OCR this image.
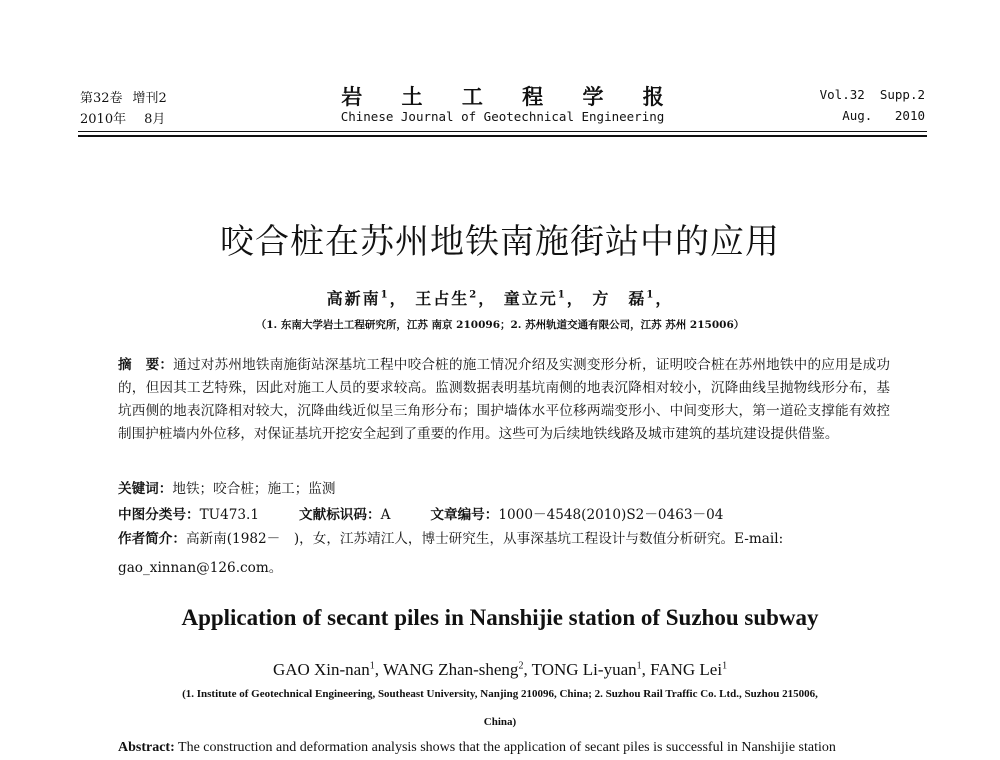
第32卷 增刊2	岩 土 工 程 学 报	Vol.32 Supp.2
2010年 8月	Chinese Journal of Geotechnical Engineering	Aug. 2010
咬合桩在苏州地铁南施街站中的应用
高新南$^1$， 王占生$^2$， 童立元$^1$， 方　磊$^1$，
（1. 东南大学岩土工程研究所，江苏 南京 210096；2. 苏州轨道交通有限公司，江苏 苏州 215006）
摘　要：通过对苏州地铁南施街站深基坑工程中咬合桩的施工情况介绍及实测变形分析，证明咬合桩在苏州地铁中的应用是成功的，但因其工艺特殊，因此对施工人员的要求较高。监测数据表明基坑南侧的地表沉降相对较小，沉降曲线呈抛物线形分布，基坑西侧的地表沉降相对较大，沉降曲线近似呈三角形分布；围护墙体水平位移两端变形小、中间变形大，第一道砼支撑能有效控制围护桩墙内外位移，对保证基坑开挖安全起到了重要的作用。这些可为后续地铁线路及城市建筑的基坑建设提供借鉴。
关键词：地铁；咬合桩；施工；监测
中图分类号：TU473.1	文献标识码：A	文章编号：1000－4548(2010)S2－0463－04
作者简介：高新南(1982－　)，女，江苏靖江人，博士研究生，从事深基坑工程设计与数值分析研究。E-mail:
gao_xinnan@126.com。
Application of secant piles in Nanshijie station of Suzhou subway
GAO Xin-nan$^1$, WANG Zhan-sheng$^2$, TONG Li-yuan$^1$, FANG Lei$^1$
(1. Institute of Geotechnical Engineering, Southeast University, Nanjing 210096, China; 2. Suzhou Rail Traffic Co. Ltd., Suzhou 215006,
China)
Abstract: The construction and deformation analysis shows that the application of secant piles is successful in Nanshijie station
